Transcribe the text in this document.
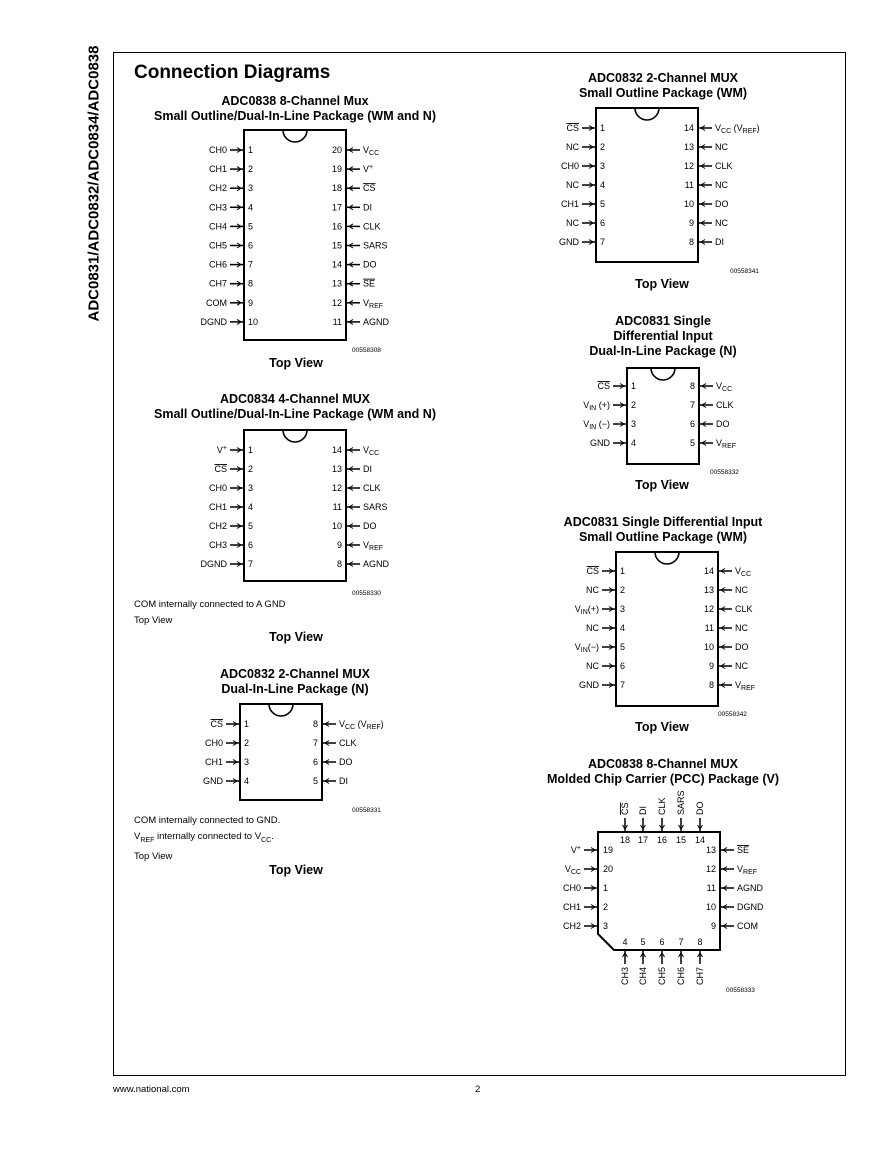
ADC0831/ADC0832/ADC0834/ADC0838 Connection Diagrams
ADC0838 8-Channel Mux
Small Outline/Dual-In-Line Package (WM and N)
ADC0834 4-Channel MUX
Small Outline/Dual-In-Line Package (WM and N)
ADC0832 2-Channel MUX
Dual-In-Line Package (N)
ADC0832 2-Channel MUX
Small Outline Package (WM)
ADC0831 Single
Differential Input
Dual-In-Line Package (N)
ADC0831 Single Differential Input
Small Outline Package (WM)
ADC0838 8-Channel MUX
Molded Chip Carrier (PCC) Package (V)
Top View
Top View
Top View
Top View
Top View
Top View
00558308
00558330
00558331
00558341
00558332
00558342
00558333
COM internally connected to A GND
Top View
COM internally connected to GND.
$V_{REF}$ internally connected to $V_{CC}$.
Top View
www.national.com	2
CH0 1
CH1 2
CH2 3
CH3 4
CH4 5
CH5 6
CH6 7
CH7 8
COM 9
DGND 10
20 VCC
19 V+
18 CS
17 DI
16 CLK
15 SARS
14 DO
13 SE
12 VREF
11 AGND
V+ 1
CS 2
CH0 3
CH1 4
CH2 5
CH3 6
DGND 7
14 VCC
13 DI
12 CLK
11 SARS
10 DO
9 VREF
8 AGND
CS 1
CH0 2
CH1 3
GND 4
8 VCC (VREF)
7 CLK
6 DO
5 DI
CS 1
NC 2
CH0 3
NC 4
CH1 5
NC 6
GND 7
14 VCC (VREF)
13 NC
12 CLK
11 NC
10 DO
9 NC
8 DI
CS 1
VIN (+) 2
VIN (−) 3
GND 4
8 VCC
7 CLK
6 DO
5 VREF
CS 1
NC 2
VIN(+) 3
NC 4
VIN(−) 5
NC 6
GND 7
14 VCC
13 NC
12 CLK
11 NC
10 DO
9 NC
8 VREF
CS
18
DI
17
CLK
16
SARS
15
DO
14
4
CH3
5
CH4
6
CH5
7
CH6
8
CH7
V+ 19
VCC 20
CH0 1
CH1 2
CH2 3
13 SE
12 VREF
11 AGND
10 DGND
9 COM
